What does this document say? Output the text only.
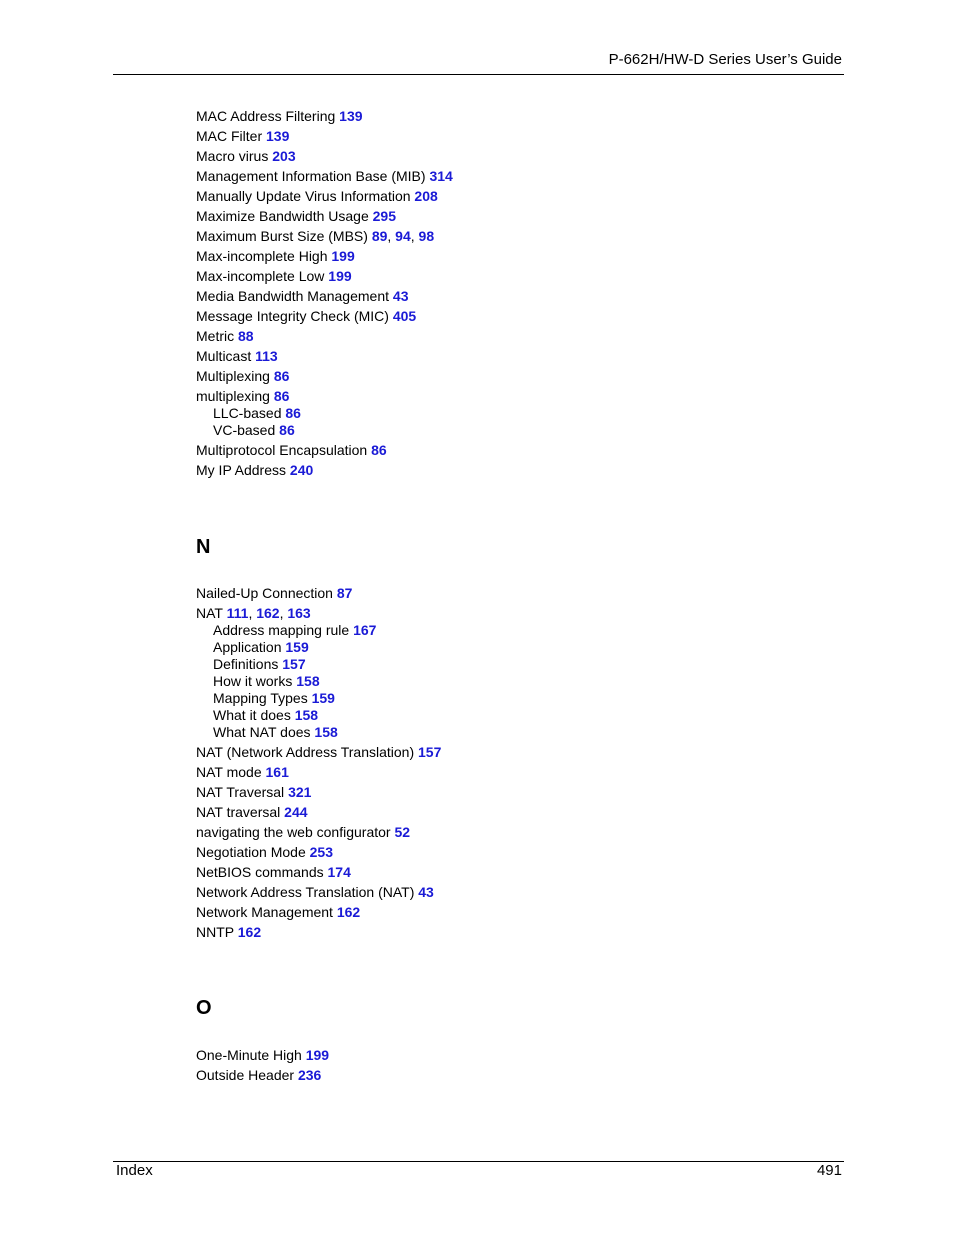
P-662H/HW-D Series User’s Guide
MAC Address Filtering 139
MAC Filter 139
Macro virus 203
Management Information Base (MIB) 314
Manually Update Virus Information 208
Maximize Bandwidth Usage 295
Maximum Burst Size (MBS) 89, 94, 98
Max-incomplete High 199
Max-incomplete Low 199
Media Bandwidth Management 43
Message Integrity Check (MIC) 405
Metric 88
Multicast 113
Multiplexing 86
multiplexing 86
LLC-based 86
VC-based 86
Multiprotocol Encapsulation 86
My IP Address 240
N
Nailed-Up Connection 87
NAT 111, 162, 163
Address mapping rule 167
Application 159
Definitions 157
How it works 158
Mapping Types 159
What it does 158
What NAT does 158
NAT (Network Address Translation) 157
NAT mode 161
NAT Traversal 321
NAT traversal 244
navigating the web configurator 52
Negotiation Mode 253
NetBIOS commands 174
Network Address Translation (NAT) 43
Network Management 162
NNTP 162
O
One-Minute High 199
Outside Header 236
Index	491
